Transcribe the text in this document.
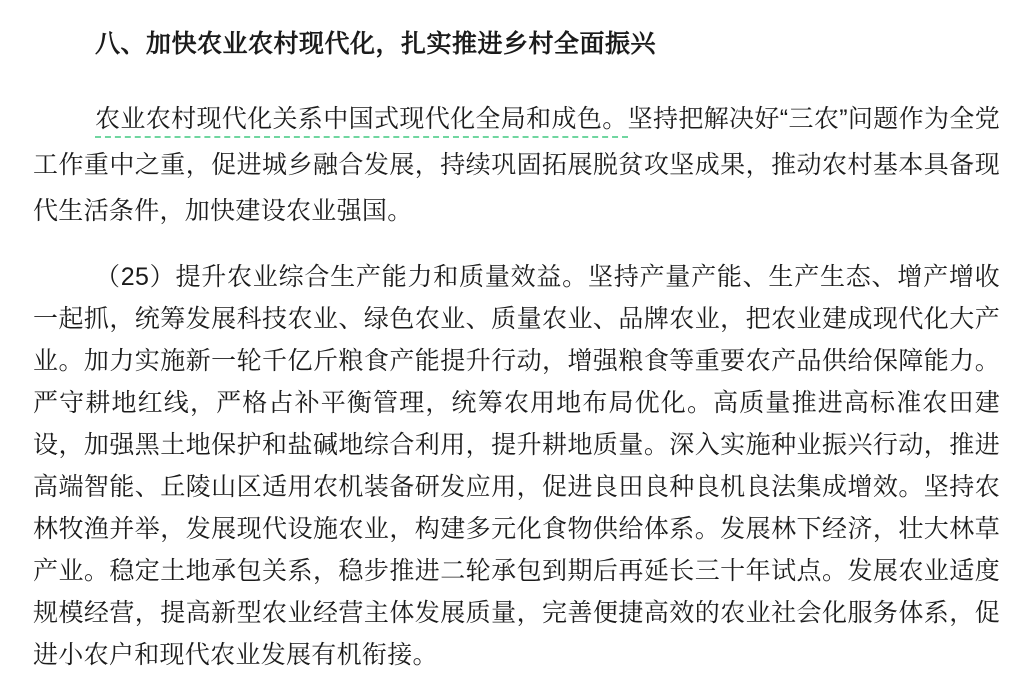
八、加快农业农村现代化，扎实推进乡村全面振兴

农业农村现代化关系中国式现代化全局和成色。坚持把解决好“三农”问题作为全党工作重中之重，促进城乡融合发展，持续巩固拓展脱贫攻坚成果，推动农村基本具备现代生活条件，加快建设农业强国。

（25）提升农业综合生产能力和质量效益。坚持产量产能、生产生态、增产增收一起抓，统筹发展科技农业、绿色农业、质量农业、品牌农业，把农业建成现代化大产业。加力实施新一轮千亿斤粮食产能提升行动，增强粮食等重要农产品供给保障能力。严守耕地红线，严格占补平衡管理，统筹农用地布局优化。高质量推进高标准农田建设，加强黑土地保护和盐碱地综合利用，提升耕地质量。深入实施种业振兴行动，推进高端智能、丘陵山区适用农机装备研发应用，促进良田良种良机良法集成增效。坚持农林牧渔并举，发展现代设施农业，构建多元化食物供给体系。发展林下经济，壮大林草产业。稳定土地承包关系，稳步推进二轮承包到期后再延长三十年试点。发展农业适度规模经营，提高新型农业经营主体发展质量，完善便捷高效的农业社会化服务体系，促进小农户和现代农业发展有机衔接。
